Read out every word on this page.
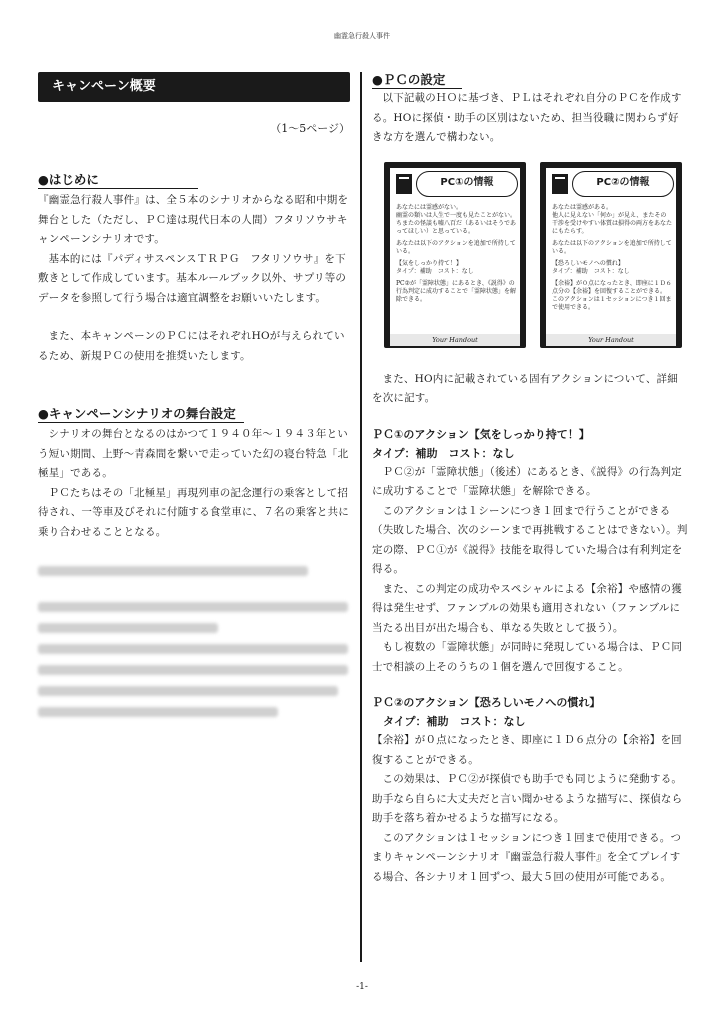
幽霊急行殺人事件
キャンペーン概要
（1～5ページ）
●はじめに

『幽霊急行殺人事件』は、全５本のシナリオからなる昭和中期を舞台とした（ただし、ＰＣ達は現代日本の人間）フタリソウサキャンペーンシナリオです。

基本的には『パディサスペンスＴＲＰＧ　フタリソウサ』を下敷きとして作成しています。基本ルールブック以外、サプリ等のデータを参照して行う場合は適宜調整をお願いいたします。

また、本キャンペーンのＰＣにはそれぞれHOが与えられているため、新規ＰＣの使用を推奨いたします。

●キャンペーンシナリオの舞台設定

シナリオの舞台となるのはかつて１９４０年～１９４３年という短い期間、上野～青森間を繋いで走っていた幻の寝台特急「北極星」である。

ＰＣたちはその「北極星」再現列車の記念運行の乗客として招待され、一等車及びそれに付随する食堂車に、７名の乗客と共に乗り合わせることとなる。

●ＰＣの設定

以下記載のＨＯに基づき、ＰＬはそれぞれ自分のＰＣを作成する。HOに探偵・助手の区別はないため、担当役職に関わらず好きな方を選んで構わない。

PC①の情報
あなたには霊感がない。
幽霊の類いは人生で一度も見たことがない。ちまたの怪談も嘘八百だ（あるいはそうであってほしい）と思っている。
あなたは以下のアクションを追加で所持している。
【気をしっかり持て！】
タイプ：補助　コスト：なし
PC②が「霊障状態」にあるとき、《説得》の行為判定に成功することで「霊障状態」を解除できる。
Your Handout
PC②の情報
あなたは霊感がある。
他人に見えない「何か」が見え、またその干渉を受けやすい体質は損得の両方をあなたにもたらす。
あなたは以下のアクションを追加で所持している。
【恐ろしいモノへの慣れ】
タイプ：補助　コスト：なし
【余裕】が０点になったとき、即座に１Ｄ６点分の【余裕】を回復することができる。
このアクションは１セッションにつき１回まで使用できる。
Your Handout

また、HO内に記載されている固有アクションについて、詳細を次に記す。

ＰＣ①のアクション【気をしっかり持て！】
タイプ：補助　コスト：なし

ＰＣ②が「霊障状態」（後述）にあるとき、《説得》の行為判定に成功することで「霊障状態」を解除できる。

このアクションは１シーンにつき１回まで行うことができる（失敗した場合、次のシーンまで再挑戦することはできない）。判定の際、ＰＣ①が《説得》技能を取得していた場合は有利判定を得る。

また、この判定の成功やスペシャルによる【余裕】や感情の獲得は発生せず、ファンブルの効果も適用されない（ファンブルに当たる出目が出た場合も、単なる失敗として扱う）。

もし複数の「霊障状態」が同時に発現している場合は、ＰＣ同士で相談の上そのうちの１個を選んで回復すること。

ＰＣ②のアクション【恐ろしいモノへの慣れ】
タイプ：補助　コスト：なし

【余裕】が０点になったとき、即座に１Ｄ６点分の【余裕】を回復することができる。

この効果は、ＰＣ②が探偵でも助手でも同じように発動する。助手なら自らに大丈夫だと言い聞かせるような描写に、探偵なら助手を落ち着かせるような描写になる。

このアクションは１セッションにつき１回まで使用できる。つまりキャンペーンシナリオ『幽霊急行殺人事件』を全てプレイする場合、各シナリオ１回ずつ、最大５回の使用が可能である。

-1-
